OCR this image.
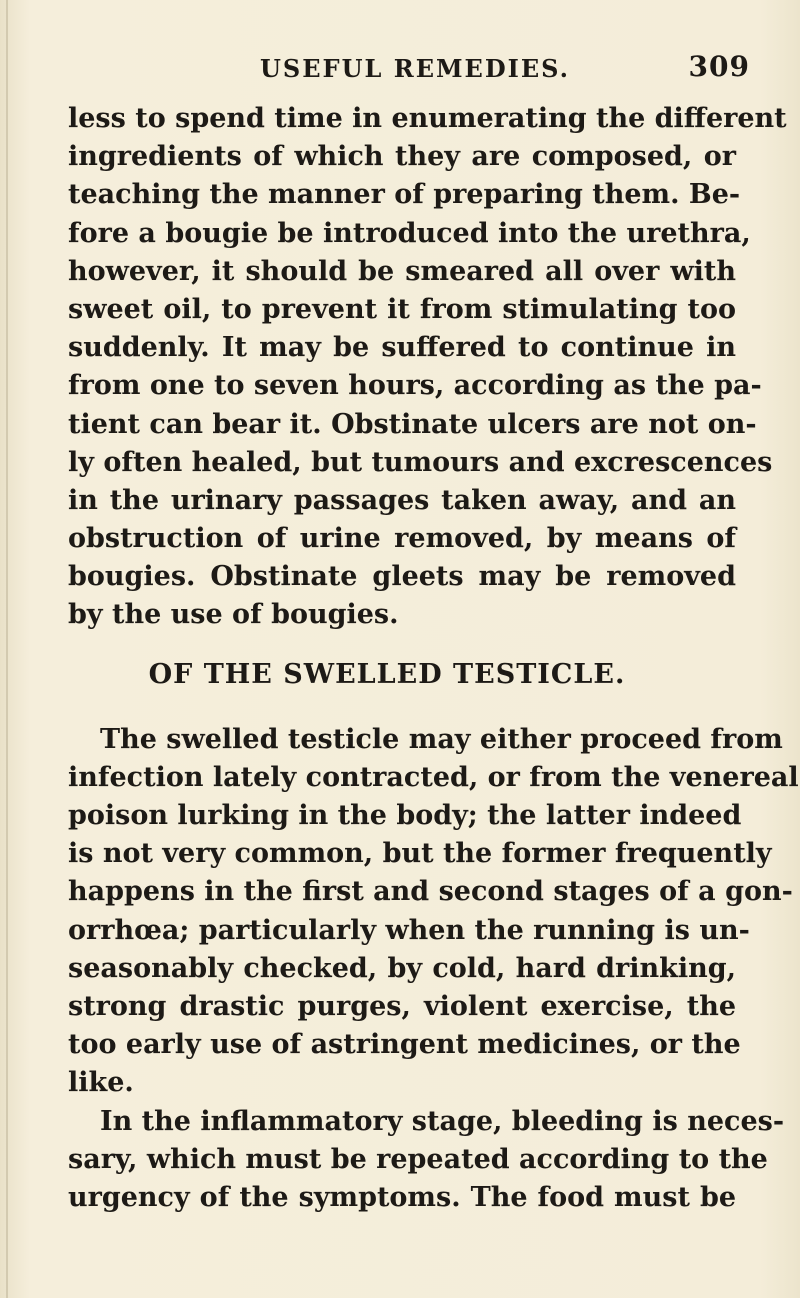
USEFUL REMEDIES.	309
less to spend time in enumerating the different
ingredients of which they are composed, or
teaching the manner of preparing them. Be-
fore a bougie be introduced into the urethra,
however, it should be smeared all over with
sweet oil, to prevent it from stimulating too
suddenly. It may be suffered to continue in
from one to seven hours, according as the pa-
tient can bear it. Obstinate ulcers are not on-
ly often healed, but tumours and excrescences
in the urinary passages taken away, and an
obstruction of urine removed, by means of
bougies. Obstinate gleets may be removed
by the use of bougies.
OF THE SWELLED TESTICLE.
The swelled testicle may either proceed from
infection lately contracted, or from the venereal
poison lurking in the body; the latter indeed
is not very common, but the former frequently
happens in the first and second stages of a gon-
orrhœa; particularly when the running is un-
seasonably checked, by cold, hard drinking,
strong drastic purges, violent exercise, the
too early use of astringent medicines, or the
like.
In the inflammatory stage, bleeding is neces-
sary, which must be repeated according to the
urgency of the symptoms. The food must be
